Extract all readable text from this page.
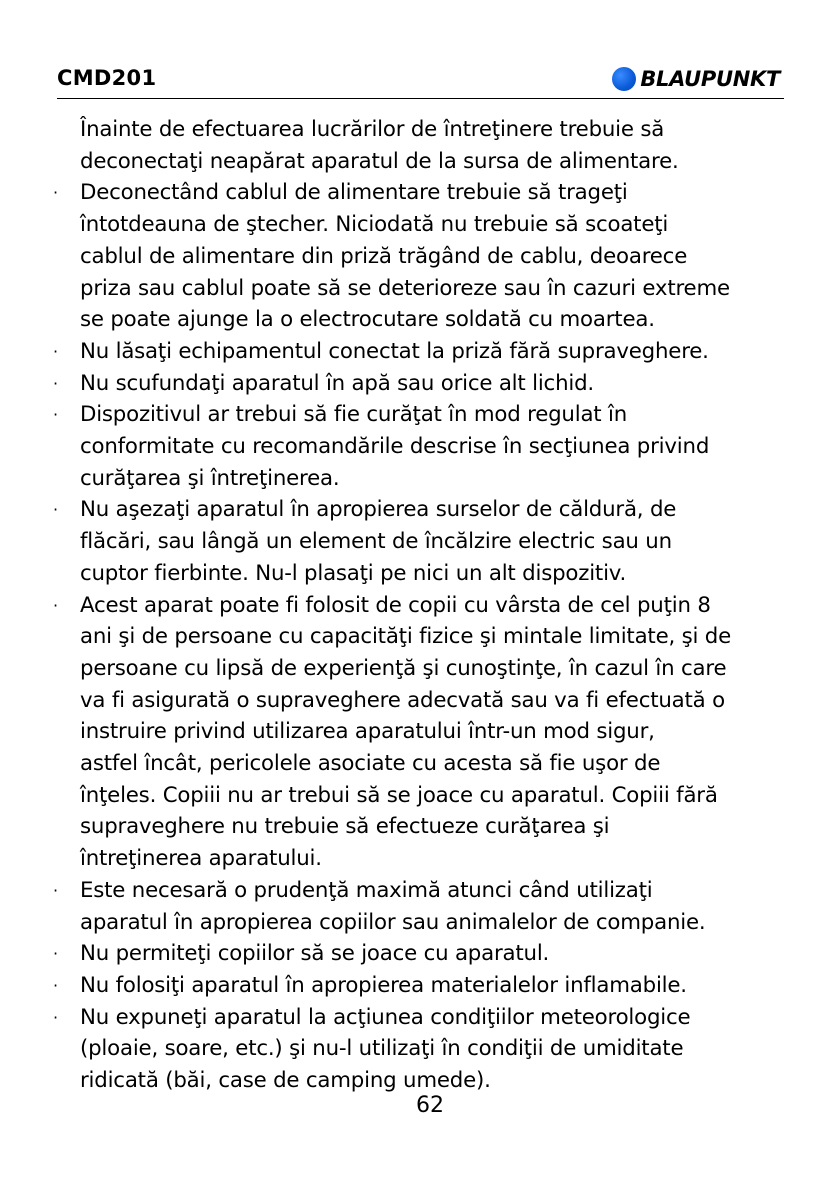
CMD201	BLAUPUNKT
Înainte de efectuarea lucrărilor de întreţinere trebuie să
deconectaţi neapărat aparatul de la sursa de alimentare.
· Deconectând cablul de alimentare trebuie să trageţi
întotdeauna de ştecher. Niciodată nu trebuie să scoateţi
cablul de alimentare din priză trăgând de cablu, deoarece
priza sau cablul poate să se deterioreze sau în cazuri extreme
se poate ajunge la o electrocutare soldată cu moartea.
· Nu lăsaţi echipamentul conectat la priză fără supraveghere.
· Nu scufundaţi aparatul în apă sau orice alt lichid.
· Dispozitivul ar trebui să fie curăţat în mod regulat în
conformitate cu recomandările descrise în secţiunea privind
curăţarea şi întreţinerea.
· Nu aşezaţi aparatul în apropierea surselor de căldură, de
flăcări, sau lângă un element de încălzire electric sau un
cuptor fierbinte. Nu-l plasaţi pe nici un alt dispozitiv.
· Acest aparat poate fi folosit de copii cu vârsta de cel puţin 8
ani şi de persoane cu capacităţi fizice şi mintale limitate, şi de
persoane cu lipsă de experienţă şi cunoştinţe, în cazul în care
va fi asigurată o supraveghere adecvată sau va fi efectuată o
instruire privind utilizarea aparatului într-un mod sigur,
astfel încât, pericolele asociate cu acesta să fie uşor de
înţeles. Copiii nu ar trebui să se joace cu aparatul. Copiii fără
supraveghere nu trebuie să efectueze curăţarea şi
întreţinerea aparatului.
· Este necesară o prudenţă maximă atunci când utilizaţi
aparatul în apropierea copiilor sau animalelor de companie.
· Nu permiteţi copiilor să se joace cu aparatul.
· Nu folosiţi aparatul în apropierea materialelor inflamabile.
· Nu expuneţi aparatul la acţiunea condiţiilor meteorologice
(ploaie, soare, etc.) şi nu-l utilizaţi în condiţii de umiditate
ridicată (băi, case de camping umede).
62
